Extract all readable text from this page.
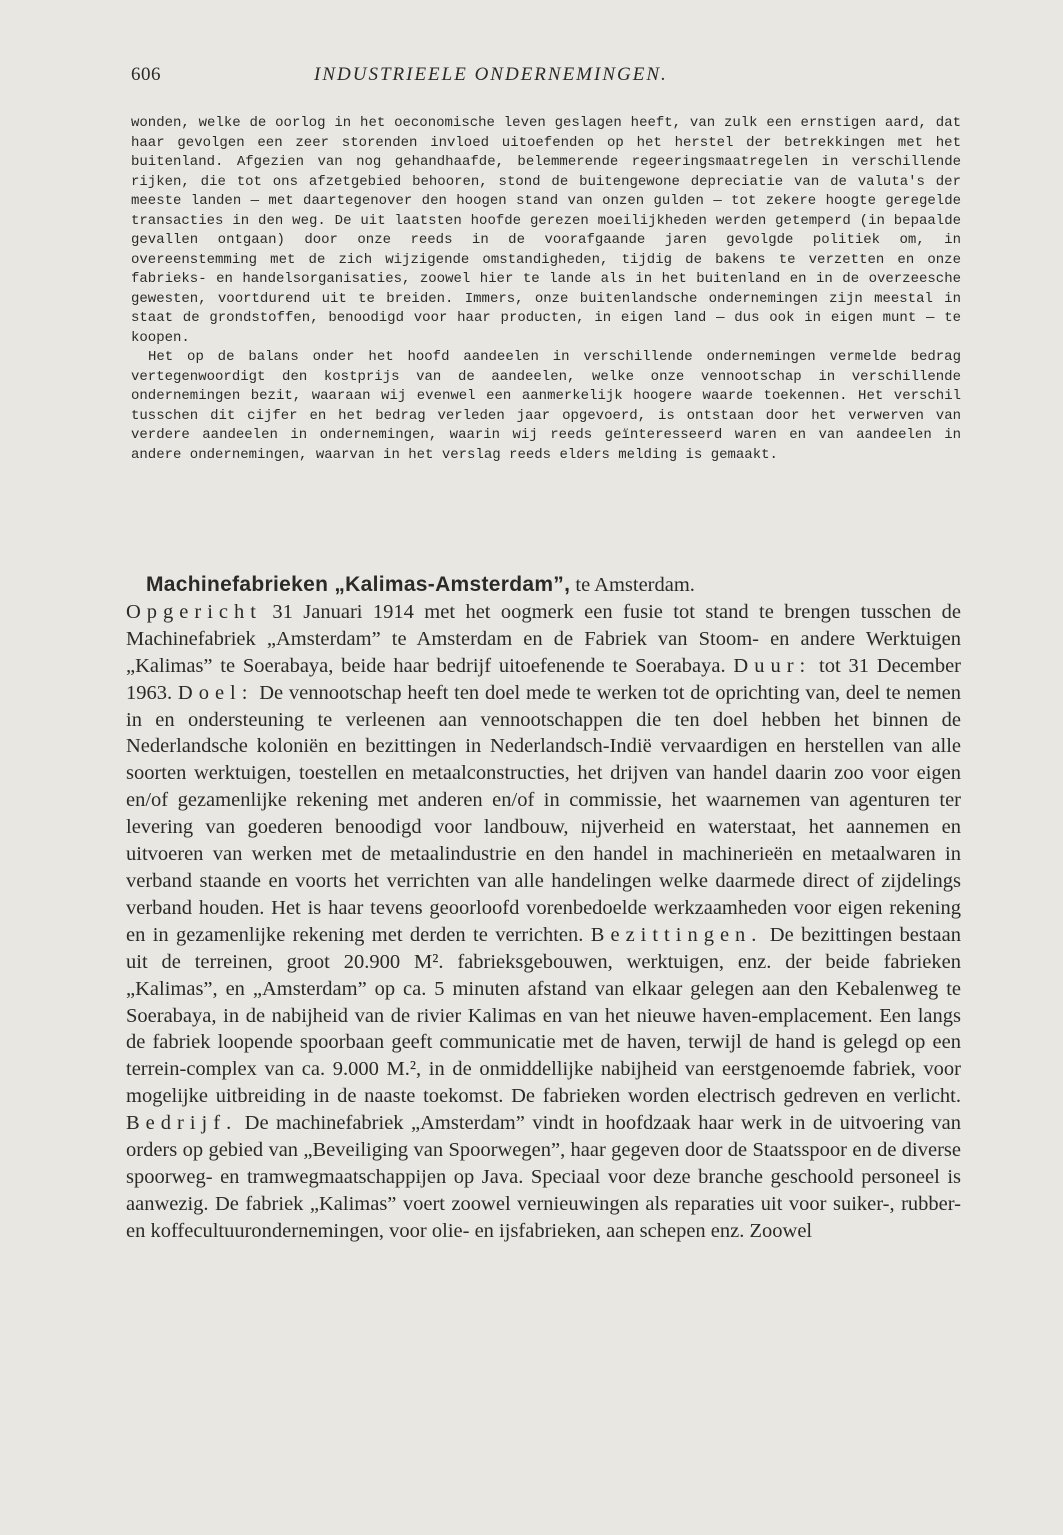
606	INDUSTRIEELE ONDERNEMINGEN.

wonden, welke de oorlog in het oeconomische leven geslagen heeft, van zulk een ernstigen aard, dat haar gevolgen een zeer storenden invloed uitoefenden op het herstel der betrekkingen met het buitenland. Afgezien van nog gehandhaafde, belemmerende regeeringsmaatregelen in verschillende rijken, die tot ons afzetgebied behooren, stond de buitengewone depreciatie van de valuta's der meeste landen — met daartegenover den hoogen stand van onzen gulden — tot zekere hoogte geregelde transacties in den weg. De uit laatsten hoofde gerezen moeilijkheden werden getemperd (in bepaalde gevallen ontgaan) door onze reeds in de voorafgaande jaren gevolgde politiek om, in overeenstemming met de zich wijzigende omstandigheden, tijdig de bakens te verzetten en onze fabrieks- en handelsorganisaties, zoowel hier te lande als in het buitenland en in de overzeesche gewesten, voortdurend uit te breiden. Immers, onze buitenlandsche ondernemingen zijn meestal in staat de grondstoffen, benoodigd voor haar producten, in eigen land — dus ook in eigen munt — te koopen.

Het op de balans onder het hoofd aandeelen in verschillende ondernemingen vermelde bedrag vertegenwoordigt den kostprijs van de aandeelen, welke onze vennootschap in verschillende ondernemingen bezit, waaraan wij evenwel een aanmerkelijk hoogere waarde toekennen. Het verschil tusschen dit cijfer en het bedrag verleden jaar opgevoerd, is ontstaan door het verwerven van verdere aandeelen in ondernemingen, waarin wij reeds geïnteresseerd waren en van aandeelen in andere ondernemingen, waarvan in het verslag reeds elders melding is gemaakt.

Machinefabrieken „Kalimas-Amsterdam”, te Amsterdam.
Opgericht 31 Januari 1914 met het oogmerk een fusie tot stand te brengen tusschen de Machinefabriek „Amsterdam” te Amsterdam en de Fabriek van Stoom- en andere Werktuigen „Kalimas” te Soerabaya, beide haar bedrijf uitoefenende te Soerabaya. Duur: tot 31 December 1963. Doel: De vennootschap heeft ten doel mede te werken tot de oprichting van, deel te nemen in en ondersteuning te verleenen aan vennootschappen die ten doel hebben het binnen de Nederlandsche koloniën en bezittingen in Nederlandsch-Indië vervaardigen en herstellen van alle soorten werktuigen, toestellen en metaalconstructies, het drijven van handel daarin zoo voor eigen en/of gezamenlijke rekening met anderen en/of in commissie, het waarnemen van agenturen ter levering van goederen benoodigd voor landbouw, nijverheid en waterstaat, het aannemen en uitvoeren van werken met de metaalindustrie en den handel in machinerieën en metaalwaren in verband staande en voorts het verrichten van alle handelingen welke daarmede direct of zijdelings verband houden. Het is haar tevens geoorloofd vorenbedoelde werkzaamheden voor eigen rekening en in gezamenlijke rekening met derden te verrichten. Bezittingen. De bezittingen bestaan uit de terreinen, groot 20.900 M². fabrieksgebouwen, werktuigen, enz. der beide fabrieken „Kalimas”, en „Amsterdam” op ca. 5 minuten afstand van elkaar gelegen aan den Kebalenweg te Soerabaya, in de nabijheid van de rivier Kalimas en van het nieuwe haven-emplacement. Een langs de fabriek loopende spoorbaan geeft communicatie met de haven, terwijl de hand is gelegd op een terrein-complex van ca. 9.000 M.², in de onmiddellijke nabijheid van eerstgenoemde fabriek, voor mogelijke uitbreiding in de naaste toekomst. De fabrieken worden electrisch gedreven en verlicht. Bedrijf. De machinefabriek „Amsterdam” vindt in hoofdzaak haar werk in de uitvoering van orders op gebied van „Beveiliging van Spoorwegen”, haar gegeven door de Staatsspoor en de diverse spoorweg- en tramwegmaatschappijen op Java. Speciaal voor deze branche geschoold personeel is aanwezig. De fabriek „Kalimas” voert zoowel vernieuwingen als reparaties uit voor suiker-, rubber- en koffecultuurondernemingen, voor olie- en ijsfabrieken, aan schepen enz. Zoowel
